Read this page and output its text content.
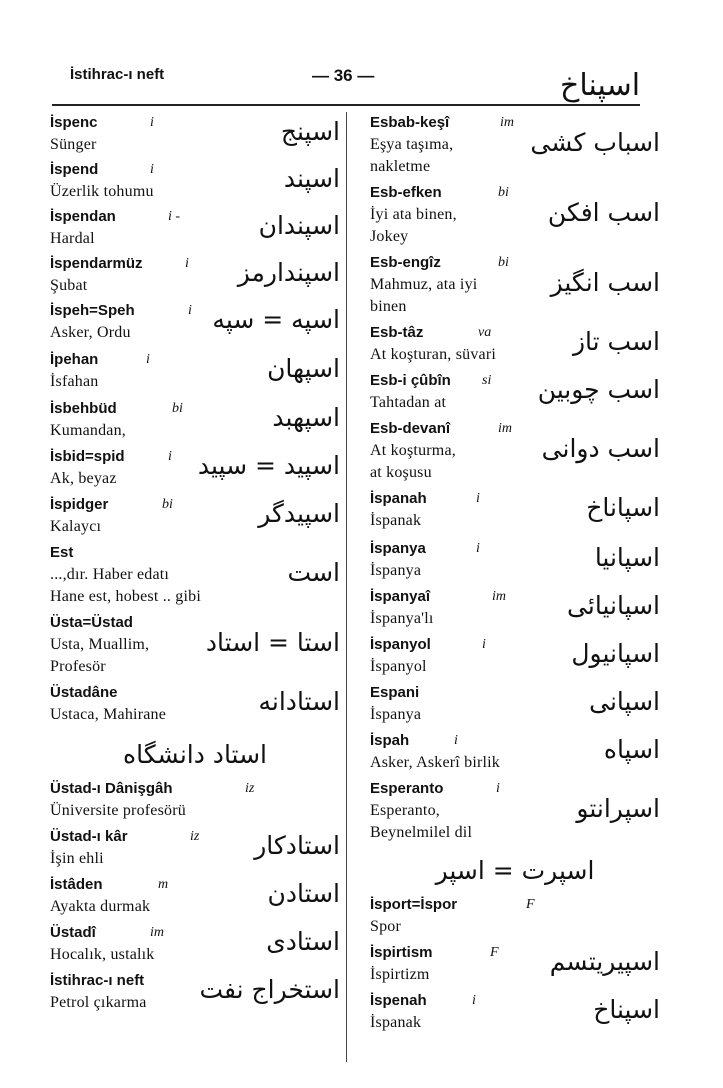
İstihrac-ı neft	— 36 —	اسپناخ
İspenc	i
Sünger	اسپنج
İspend	i
Üzerlik tohumu	اسپند
İspendan	i -
Hardal	اسپندان
İspendarmüz	i
Şubat	اسپندارمز
İspeh=Speh	i
Asker, Ordu	اسپه = سپه
İpehan	i
İsfahan	اسپهان
İsbehbüd	bi
Kumandan,	اسپهبد
İsbid=spid	i
Ak, beyaz	اسپید = سپید
İspidger	bi
Kalaycı	اسپیدگر
Est
...,dır. Haber edatı
Hane est, hobest .. gibi
است
Üsta=Üstad
Usta, Muallim,
Profesör
استا = استاد
Üstadâne
Ustaca, Mahirane	استادانه
استاد دانشگاه
Üstad-ı Dânişgâh	iz
Üniversite profesörü
Üstad-ı kâr	iz
İşin ehli	استادکار
İstâden	m
Ayakta durmak	استادن
Üstadî	im
Hocalık, ustalık	استادی
İstihrac-ı neft
Petrol çıkarma	استخراج نفت
Esbab-keşî	im
Eşya taşıma,
nakletme
اسباب کشی
Esb-efken	bi
İyi ata binen,
Jokey
اسب افکن
Esb-engîz	bi
Mahmuz, ata iyi
binen
اسب انگیز
Esb-tâz	va
At koşturan, süvari	اسب تاز
Esb-i çûbîn	si
Tahtadan at	اسب چوبین
Esb-devanî	im
At koşturma,
at koşusu
اسب دوانی
İspanah	i
İspanak	اسپاناخ
İspanya	i
İspanya	اسپانیا
İspanyaî	im
İspanya'lı	اسپانیائی
İspanyol	i
İspanyol	اسپانیول
Espani
İspanya	اسپانی
İspah	i
Asker, Askerî birlik	اسپاه
Esperanto	i
Esperanto,
Beynelmilel dil
اسپرانتو
اسپرت = اسپر
İsport=İspor	F
Spor
İspirtism	F
İspirtizm	اسپیریتسم
İspenah	i
İspanak	اسپناخ
